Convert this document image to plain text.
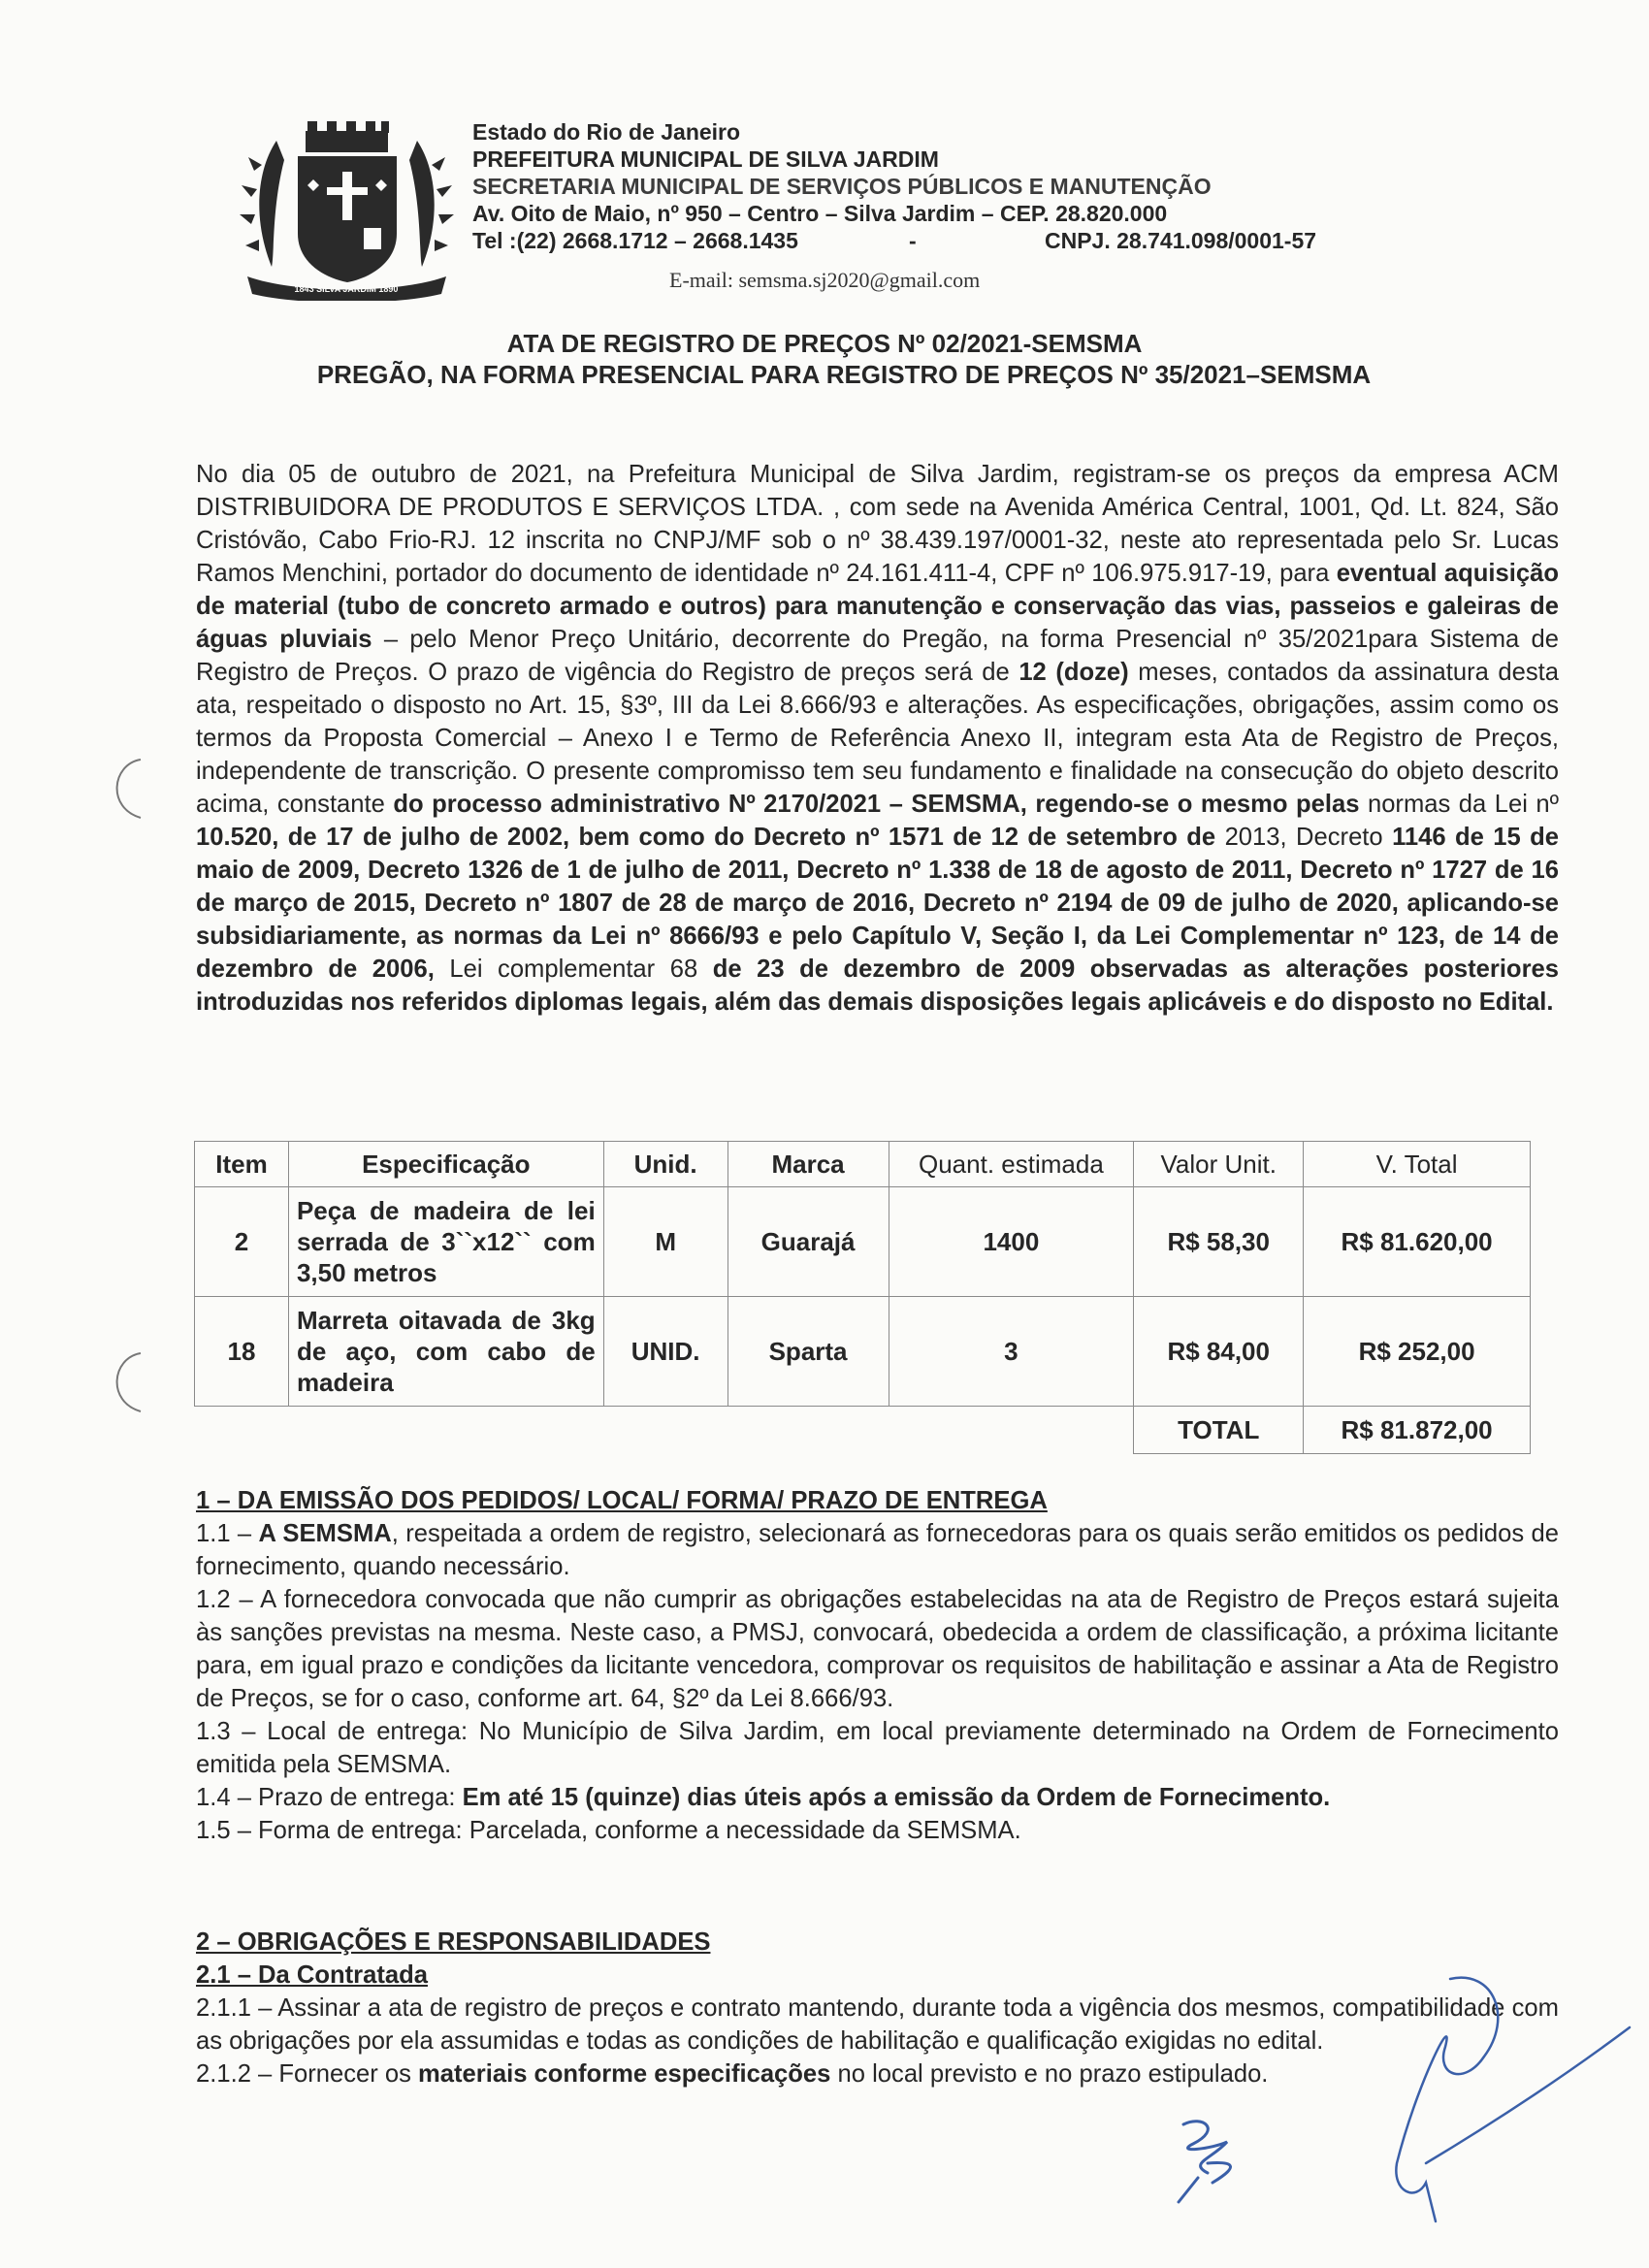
1843 SILVA JARDIM 1890
Estado do Rio de Janeiro
PREFEITURA MUNICIPAL DE SILVA JARDIM
SECRETARIA MUNICIPAL DE SERVIÇOS PÚBLICOS E MANUTENÇÃO
Av. Oito de Maio, nº 950 – Centro – Silva Jardim – CEP. 28.820.000
Tel :(22) 2668.1712 – 2668.1435	-	CNPJ. 28.741.098/0001-57
E-mail: semsma.sj2020@gmail.com
ATA DE REGISTRO DE PREÇOS Nº 02/2021-SEMSMA
PREGÃO, NA FORMA PRESENCIAL PARA REGISTRO DE PREÇOS Nº 35/2021–SEMSMA
No dia 05 de outubro de 2021, na Prefeitura Municipal de Silva Jardim, registram-se os preços da empresa ACM DISTRIBUIDORA DE PRODUTOS E SERVIÇOS LTDA. , com sede na Avenida América Central, 1001, Qd. Lt. 824, São Cristóvão, Cabo Frio-RJ. 12 inscrita no CNPJ/MF sob o nº 38.439.197/0001-32, neste ato representada pelo Sr. Lucas Ramos Menchini, portador do documento de identidade nº 24.161.411-4, CPF nº 106.975.917-19, para eventual aquisição de material (tubo de concreto armado e outros) para manutenção e conservação das vias, passeios e galeiras de águas pluviais – pelo Menor Preço Unitário, decorrente do Pregão, na forma Presencial nº 35/2021para Sistema de Registro de Preços. O prazo de vigência do Registro de preços será de 12 (doze) meses, contados da assinatura desta ata, respeitado o disposto no Art. 15, §3º, III da Lei 8.666/93 e alterações. As especificações, obrigações, assim como os termos da Proposta Comercial – Anexo I e Termo de Referência Anexo II, integram esta Ata de Registro de Preços, independente de transcrição. O presente compromisso tem seu fundamento e finalidade na consecução do objeto descrito acima, constante do processo administrativo Nº 2170/2021 – SEMSMA, regendo-se o mesmo pelas normas da Lei nº 10.520, de 17 de julho de 2002, bem como do Decreto nº 1571 de 12 de setembro de 2013, Decreto 1146 de 15 de maio de 2009, Decreto 1326 de 1 de julho de 2011, Decreto nº 1.338 de 18 de agosto de 2011, Decreto nº 1727 de 16 de março de 2015, Decreto nº 1807 de 28 de março de 2016, Decreto nº 2194 de 09 de julho de 2020, aplicando-se subsidiariamente, as normas da Lei nº 8666/93 e pelo Capítulo V, Seção I, da Lei Complementar nº 123, de 14 de dezembro de 2006, Lei complementar 68 de 23 de dezembro de 2009 observadas as alterações posteriores introduzidas nos referidos diplomas legais, além das demais disposições legais aplicáveis e do disposto no Edital.
Item	Especificação	Unid.	Marca	Quant. estimada	Valor Unit.	V. Total
2	Peça de madeira de lei serrada de 3``x12`` com 3,50 metros	M	Guarajá	1400	R$ 58,30	R$ 81.620,00
18	Marreta oitavada de 3kg de aço, com cabo de madeira	UNID.	Sparta	3	R$ 84,00	R$ 252,00
					TOTAL	R$ 81.872,00

1 – DA EMISSÃO DOS PEDIDOS/ LOCAL/ FORMA/ PRAZO DE ENTREGA

1.1 – A SEMSMA, respeitada a ordem de registro, selecionará as fornecedoras para os quais serão emitidos os pedidos de fornecimento, quando necessário.

1.2 – A fornecedora convocada que não cumprir as obrigações estabelecidas na ata de Registro de Preços estará sujeita às sanções previstas na mesma. Neste caso, a PMSJ, convocará, obedecida a ordem de classificação, a próxima licitante para, em igual prazo e condições da licitante vencedora, comprovar os requisitos de habilitação e assinar a Ata de Registro de Preços, se for o caso, conforme art. 64, §2º da Lei 8.666/93.

1.3 – Local de entrega: No Município de Silva Jardim, em local previamente determinado na Ordem de Fornecimento emitida pela SEMSMA.

1.4 – Prazo de entrega: Em até 15 (quinze) dias úteis após a emissão da Ordem de Fornecimento.

1.5 – Forma de entrega: Parcelada, conforme a necessidade da SEMSMA.

2 – OBRIGAÇÕES E RESPONSABILIDADES

2.1 – Da Contratada

2.1.1 – Assinar a ata de registro de preços e contrato mantendo, durante toda a vigência dos mesmos, compatibilidade com as obrigações por ela assumidas e todas as condições de habilitação e qualificação exigidas no edital.

2.1.2 – Fornecer os materiais conforme especificações no local previsto e no prazo estipulado.
